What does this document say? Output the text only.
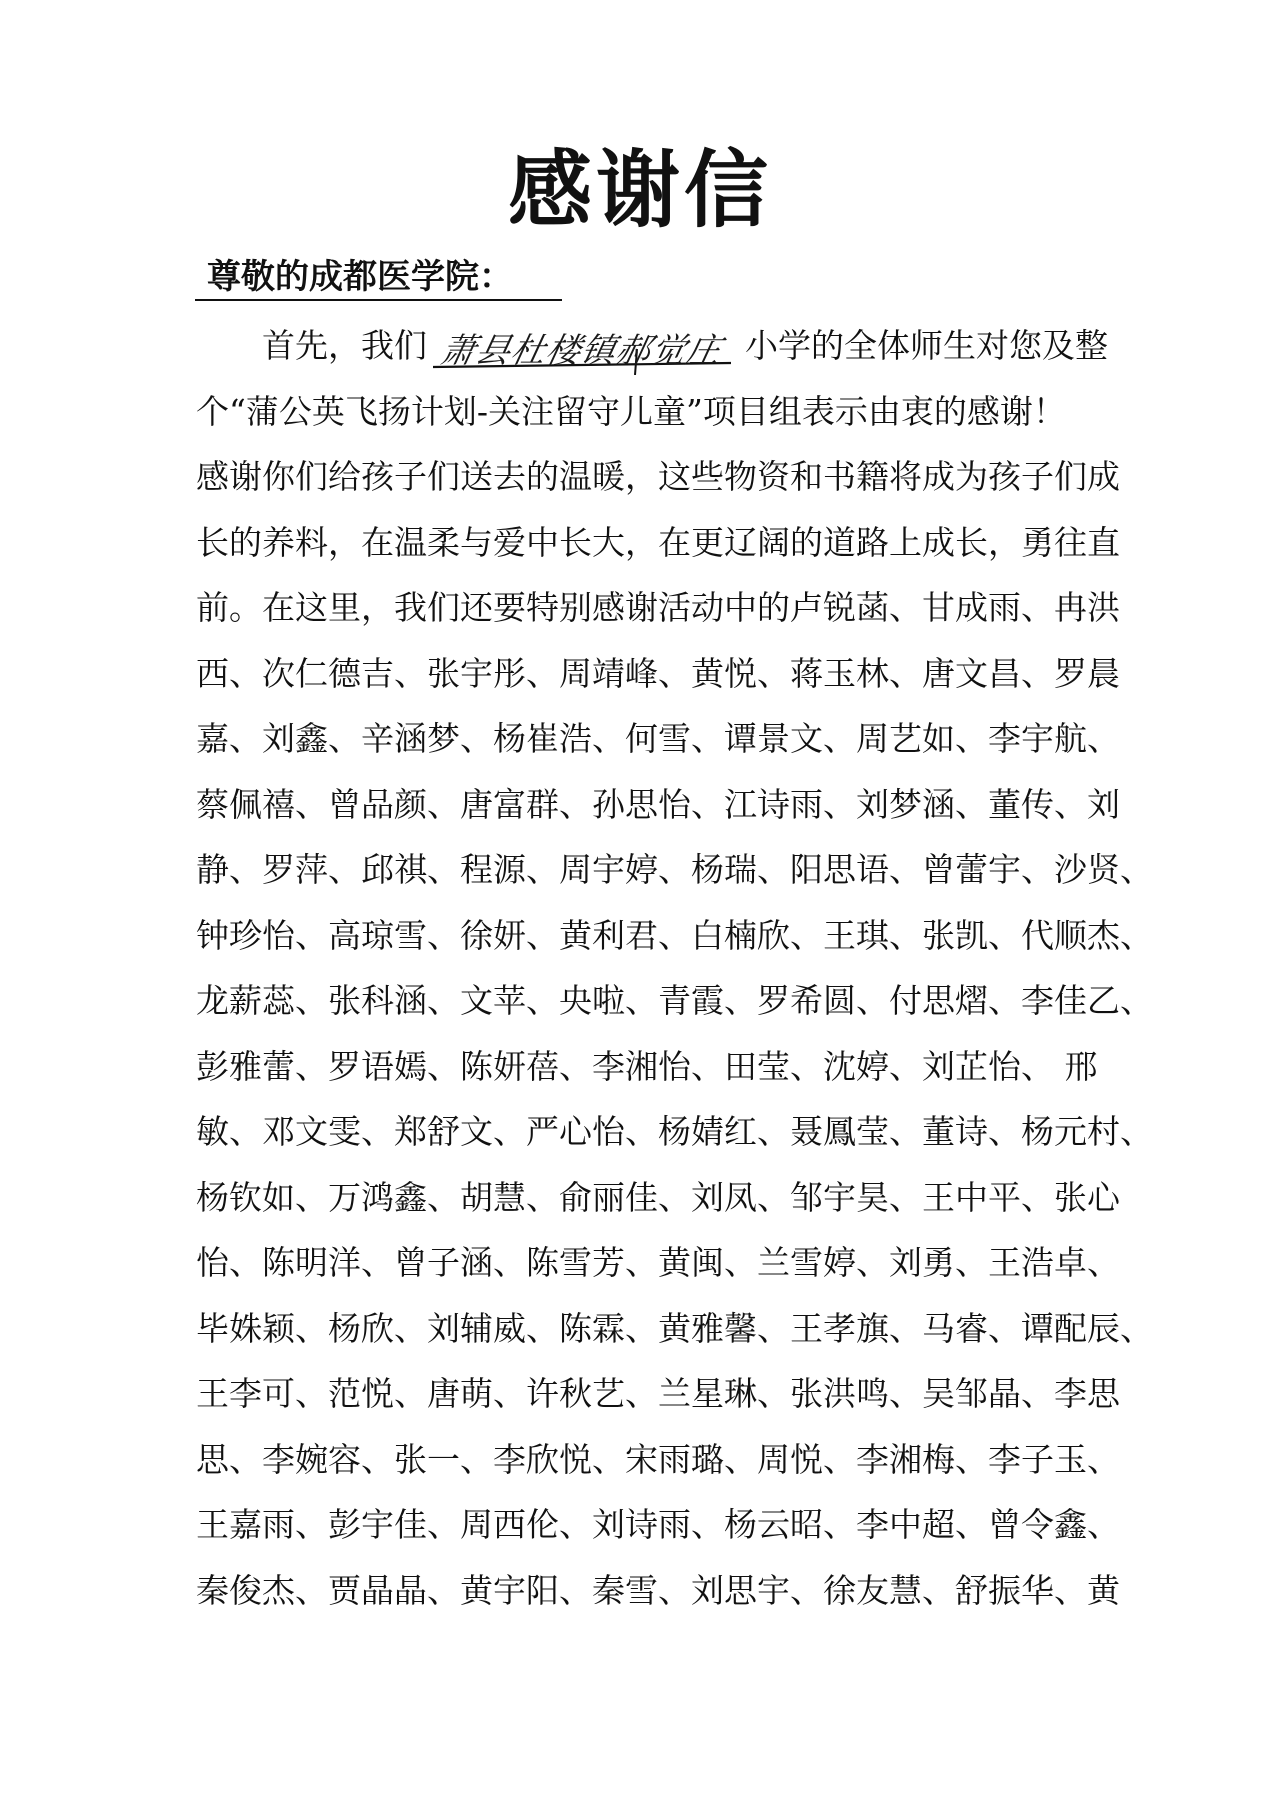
感谢信
尊敬的成都医学院：
首先，我们 萧县杜楼镇郝觉庄 小学的全体师生对您及整
个“蒲公英飞扬计划-关注留守儿童”项目组表示由衷的感谢！
感谢你们给孩子们送去的温暖，这些物资和书籍将成为孩子们成
长的养料，在温柔与爱中长大，在更辽阔的道路上成长，勇往直
前。在这里，我们还要特别感谢活动中的卢锐菡、甘成雨、冉洪
西、次仁德吉、张宇彤、周靖峰、黄悦、蒋玉林、唐文昌、罗晨
嘉、刘鑫、辛涵梦、杨崔浩、何雪、谭景文、周艺如、李宇航、
蔡佩禧、曾品颜、唐富群、孙思怡、江诗雨、刘梦涵、董传、刘
静、罗萍、邱祺、程源、周宇婷、杨瑞、阳思语、曾蕾宇、沙贤、
钟珍怡、高琼雪、徐妍、黄利君、白楠欣、王琪、张凯、代顺杰、
龙薪蕊、张科涵、文苹、央啦、青霞、罗希圆、付思熠、李佳乙、
彭雅蕾、罗语嫣、陈妍蓓、李湘怡、田莹、沈婷、刘芷怡、 邢
敏、邓文雯、郑舒文、严心怡、杨婧红、聂鳳莹、董诗、杨元村、
杨钦如、万鸿鑫、胡慧、俞丽佳、刘凤、邹宇昊、王中平、张心
怡、陈明洋、曾子涵、陈雪芳、黄闽、兰雪婷、刘勇、王浩卓、
毕姝颖、杨欣、刘辅威、陈霖、黄雅馨、王孝旗、马睿、谭配辰、
王李可、范悦、唐萌、许秋艺、兰星琳、张洪鸣、吴邹晶、李思
思、李婉容、张一、李欣悦、宋雨璐、周悦、李湘梅、李子玉、
王嘉雨、彭宇佳、周西伦、刘诗雨、杨云昭、李中超、曾令鑫、
秦俊杰、贾晶晶、黄宇阳、秦雪、刘思宇、徐友慧、舒振华、黄
